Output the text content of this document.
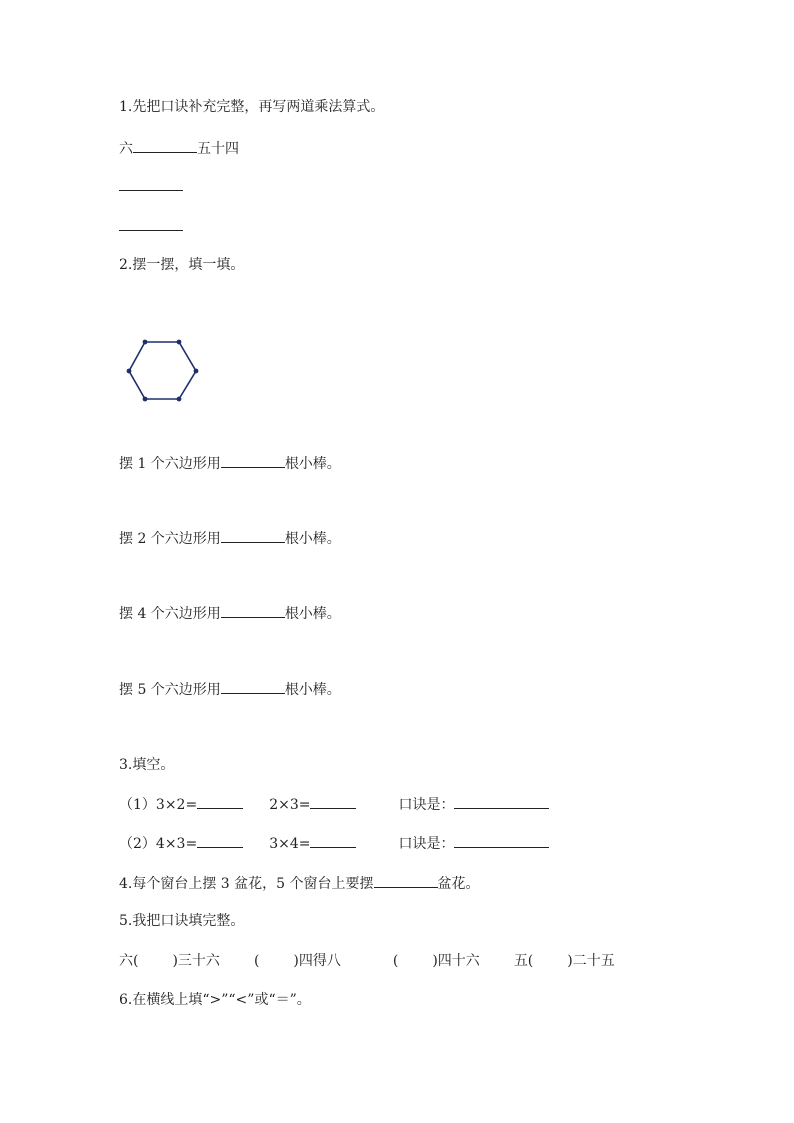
1.先把口诀补充完整，再写两道乘法算式。
六	五十四
2.摆一摆，填一填。
摆 1 个六边形用	根小棒。
摆 2 个六边形用	根小棒。
摆 4 个六边形用	根小棒。
摆 5 个六边形用	根小棒。
3.填空。
（1）3×2=	2×3=	口诀是：
（2）4×3=	3×4=	口诀是：
4.每个窗台上摆 3 盆花，5 个窗台上要摆	盆花。
5.我把口诀填完整。
六( )三十六 ( )四得八	( )四十六 五( )二十五
6.在横线上填“>”“<”或“＝”。
